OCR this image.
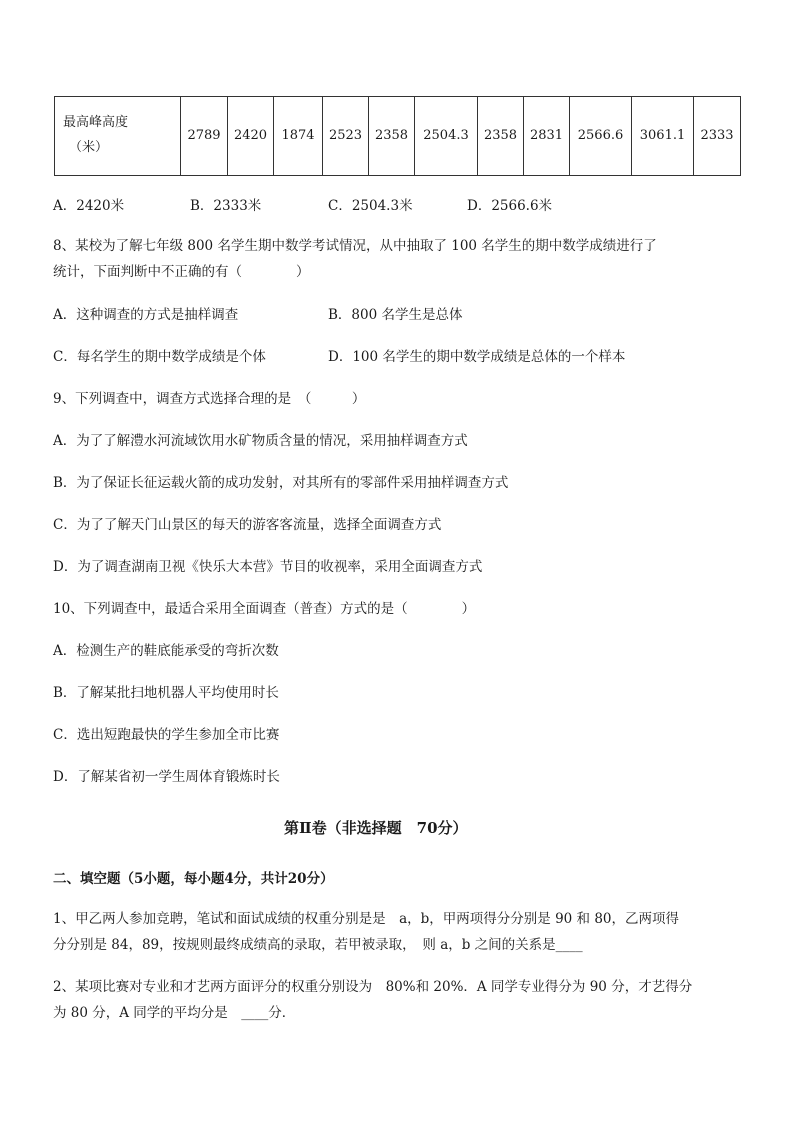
最高峰高度
（米）
	2789	2420	1874	2523	2358	2504.3	2358	2831	2566.6	3061.1	2333
A．2420米	B．2333米	C．2504.3米	D．2566.6米
8、某校为了解七年级 800 名学生期中数学考试情况，从中抽取了 100 名学生的期中数学成绩进行了
统计，下面判断中不正确的有（　　　　）
A．这种调查的方式是抽样调查	B．800 名学生是总体
C．每名学生的期中数学成绩是个体	D．100 名学生的期中数学成绩是总体的一个样本
9、下列调查中，调查方式选择合理的是　（　　　）
A．为了了解澧水河流域饮用水矿物质含量的情况，采用抽样调查方式
B．为了保证长征运载火箭的成功发射，对其所有的零部件采用抽样调查方式
C．为了了解天门山景区的每天的游客客流量，选择全面调查方式
D．为了调查湖南卫视《快乐大本营》节目的收视率，采用全面调查方式
10、下列调查中，最适合采用全面调查（普查）方式的是（　　　　）
A．检测生产的鞋底能承受的弯折次数
B．了解某批扫地机器人平均使用时长
C．选出短跑最快的学生参加全市比赛
D．了解某省初一学生周体育锻炼时长
第Ⅱ卷（非选择题　70分）
二、填空题（5小题，每小题4分，共计20分）
1、甲乙两人参加竞聘，笔试和面试成绩的权重分别是是　a，b，甲两项得分分别是 90 和 80，乙两项得
分分别是 84，89，按规则最终成绩高的录取，若甲被录取，　则 a，b 之间的关系是____
2、某项比赛对专业和才艺两方面评分的权重分别设为　80%和 20%．A 同学专业得分为 90 分，才艺得分
为 80 分，A 同学的平均分是　____分．
